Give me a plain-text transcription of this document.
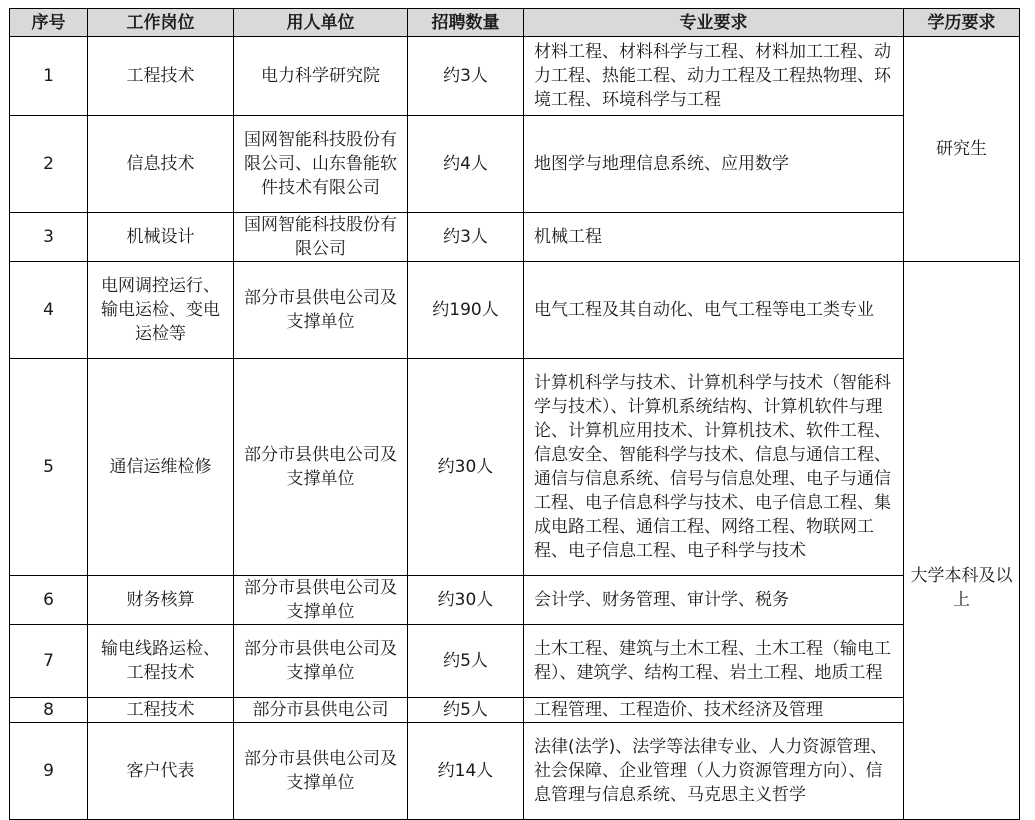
序号	工作岗位	用人单位	招聘数量	专业要求	学历要求
1	工程技术	电力科学研究院	约3人	材料工程、材料科学与工程、材料加工工程、动力工程、热能工程、动力工程及工程热物理、环境工程、环境科学与工程	研究生
2	信息技术	国网智能科技股份有限公司、山东鲁能软件技术有限公司	约4人	地图学与地理信息系统、应用数学	
3	机械设计	国网智能科技股份有限公司	约3人	机械工程	
4	电网调控运行、输电运检、变电运检等	部分市县供电公司及支撑单位	约190人	电气工程及其自动化、电气工程等电工类专业	大学本科及以上
5	通信运维检修	部分市县供电公司及支撑单位	约30人	计算机科学与技术、计算机科学与技术（智能科学与技术）、计算机系统结构、计算机软件与理论、计算机应用技术、计算机技术、软件工程、信息安全、智能科学与技术、信息与通信工程、通信与信息系统、信号与信息处理、电子与通信工程、电子信息科学与技术、电子信息工程、集成电路工程、通信工程、网络工程、物联网工程、电子信息工程、电子科学与技术	
6	财务核算	部分市县供电公司及支撑单位	约30人	会计学、财务管理、审计学、税务	
7	输电线路运检、工程技术	部分市县供电公司及支撑单位	约5人	土木工程、建筑与土木工程、土木工程（输电工程）、建筑学、结构工程、岩土工程、地质工程	
8	工程技术	部分市县供电公司	约5人	工程管理、工程造价、技术经济及管理	
9	客户代表	部分市县供电公司及支撑单位	约14人	法律(法学)、法学等法律专业、人力资源管理、社会保障、企业管理（人力资源管理方向）、信息管理与信息系统、马克思主义哲学	
